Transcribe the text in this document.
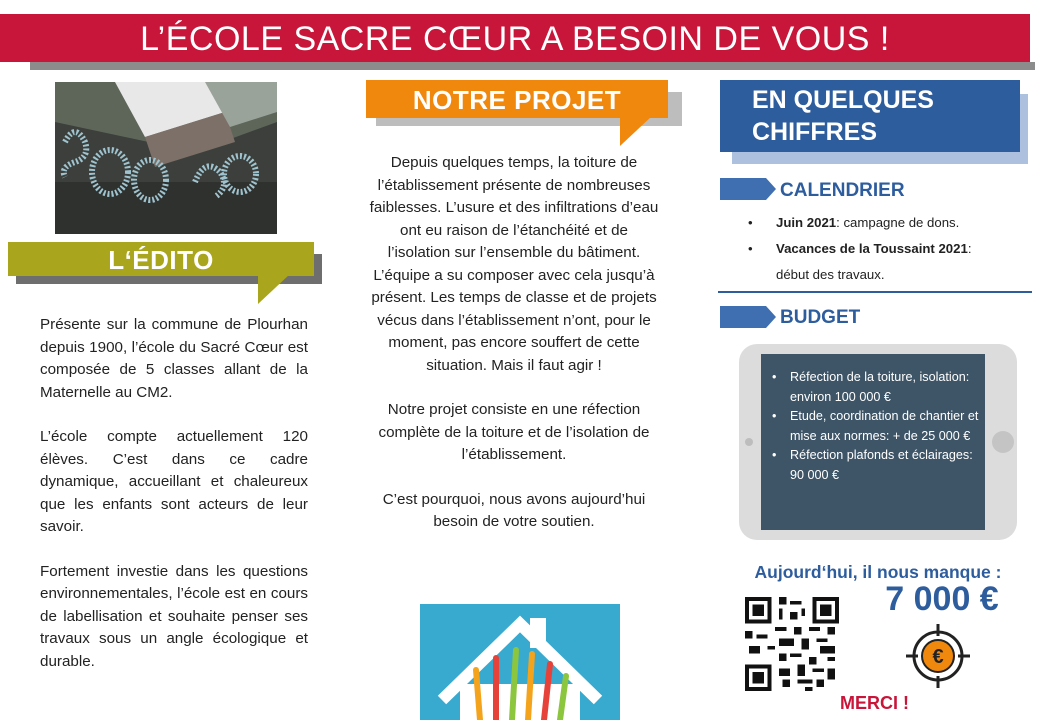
L’ÉCOLE SACRE CŒUR A BESOIN DE VOUS !
L‘ÉDITO

Présente sur la commune de Plourhan depuis 1900, l’école du Sacré Cœur est composée de 5 classes allant de la Maternelle au CM2.

L’école compte actuellement 120 élèves. C’est dans ce cadre dynamique, accueillant et chaleureux que les enfants sont acteurs de leur savoir.

Fortement investie dans les questions environnementales, l’école est en cours de labellisation et souhaite penser ses travaux sous un angle écologique et durable.

NOTRE PROJET

Depuis quelques temps, la toiture de l’établissement présente de nombreuses faiblesses. L’usure et des infiltrations d’eau ont eu raison de l’étanchéité et de l’isolation sur l’ensemble du bâtiment. L’équipe a su composer avec cela jusqu’à présent. Les temps de classe et de projets vécus dans l’établissement n’ont, pour le moment, pas encore souffert de cette situation. Mais il faut agir !

Notre projet consiste en une réfection complète de la toiture et de l’isolation de l’établissement.

C’est pourquoi, nous avons aujourd’hui besoin de votre soutien.

EN QUELQUES
CHIFFRES
CALENDRIER
• Juin 2021: campagne de dons.
• Vacances de la Toussaint 2021:
début des travaux.
BUDGET
• Réfection de la toiture, isolation: environ 100 000 €
• Etude, coordination de chantier et mise aux normes: + de 25 000 €
• Réfection plafonds et éclairages: 90 000 €
Aujourd‘hui, il nous manque :
7 000 €
€
MERCI !
